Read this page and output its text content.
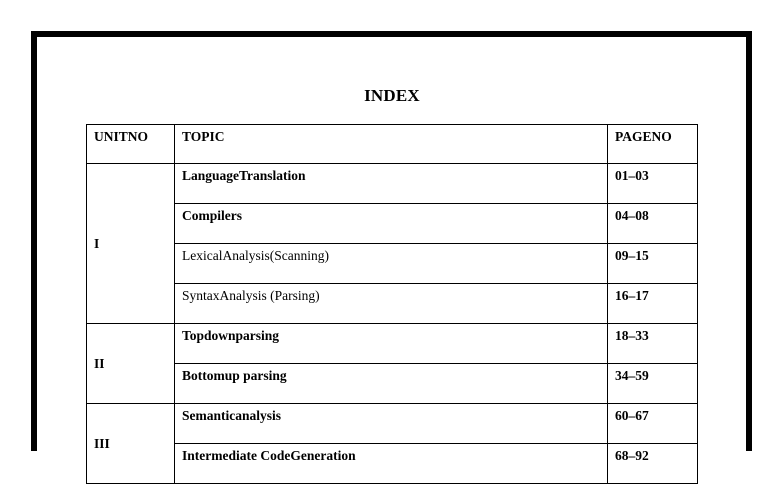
INDEX
UNITNO	TOPIC	PAGENO
I	LanguageTranslation	01–03
	Compilers	04–08
	LexicalAnalysis(Scanning)	09–15
	SyntaxAnalysis (Parsing)	16–17
II	Topdownparsing	18–33
	Bottomup parsing	34–59
III	Semanticanalysis	60–67
	Intermediate CodeGeneration	68–92
